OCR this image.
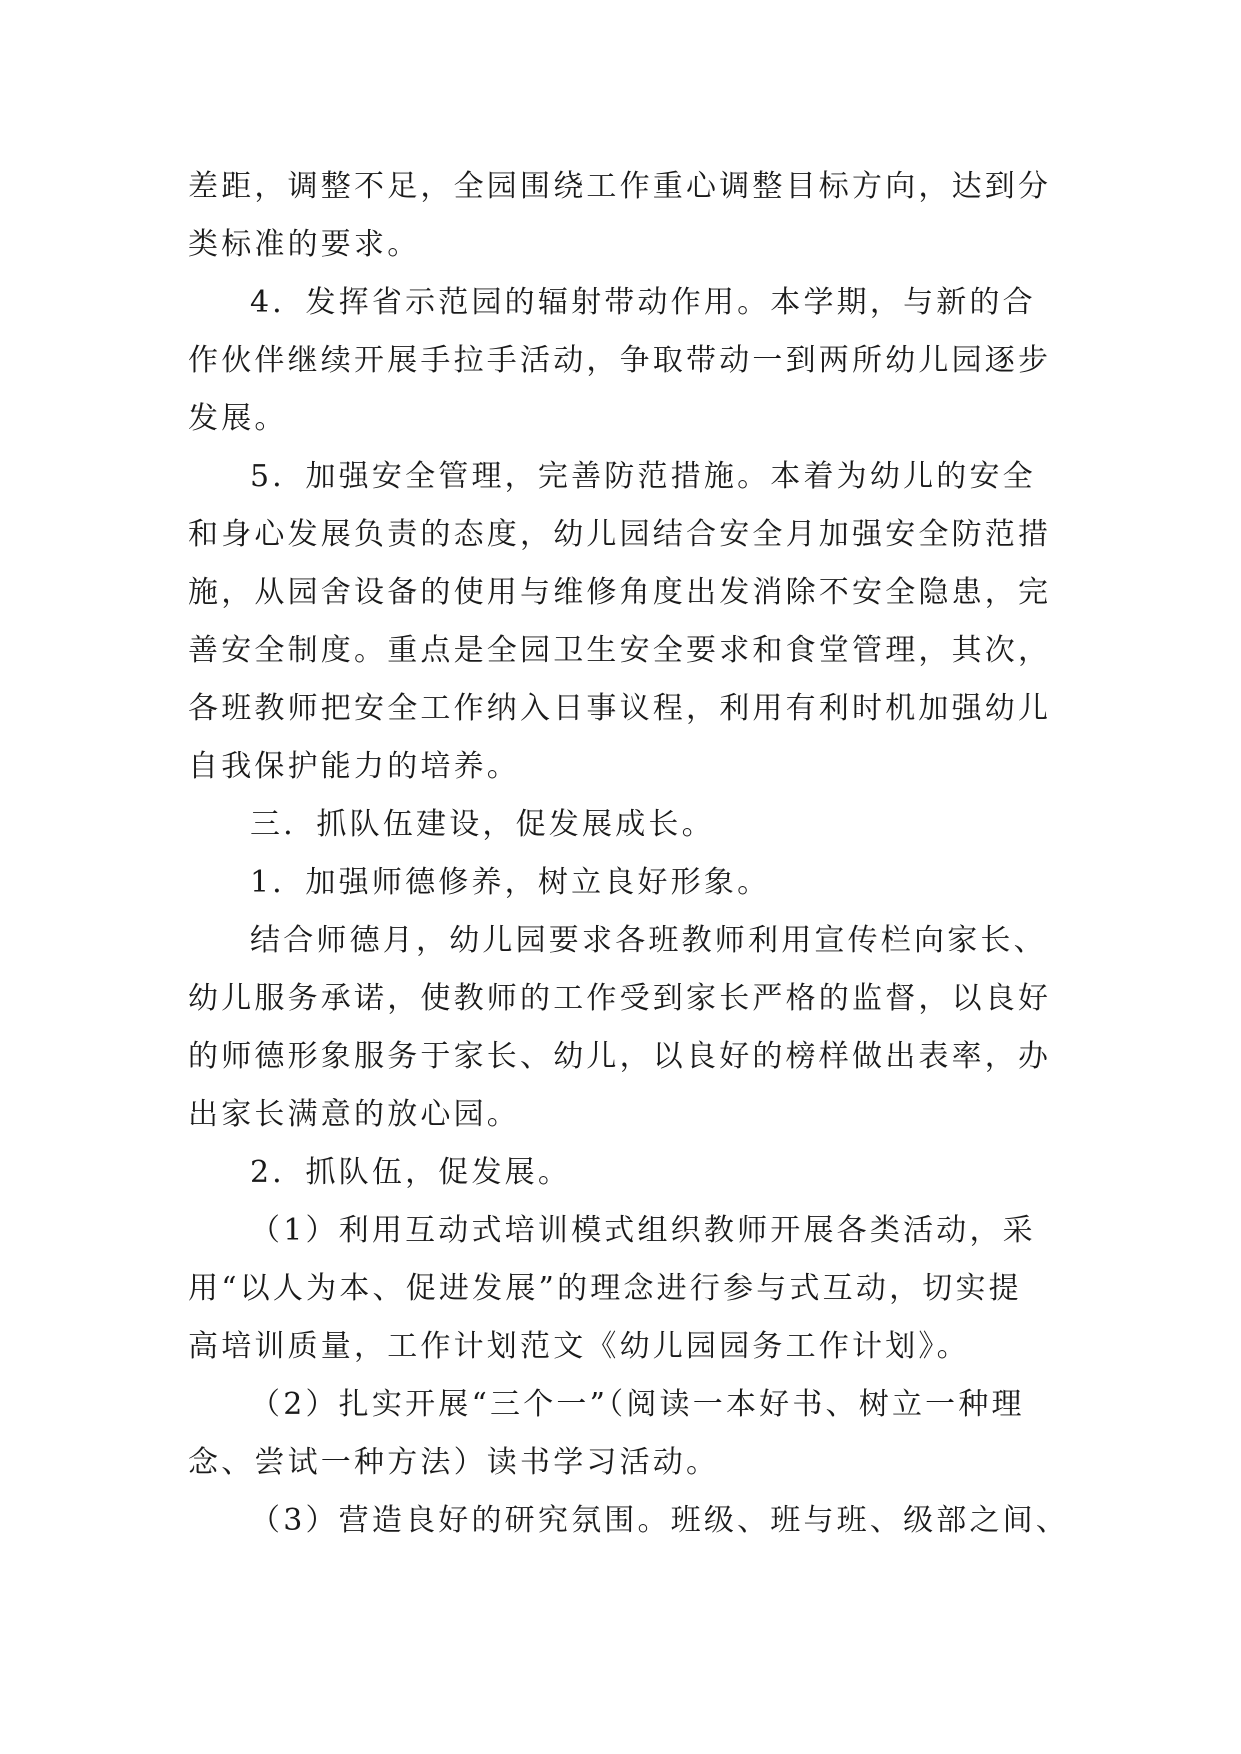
差距，调整不足，全园围绕工作重心调整目标方向，达到分
类标准的要求。
4．发挥省示范园的辐射带动作用。本学期，与新的合
作伙伴继续开展手拉手活动，争取带动一到两所幼儿园逐步
发展。
5．加强安全管理，完善防范措施。本着为幼儿的安全
和身心发展负责的态度，幼儿园结合安全月加强安全防范措
施，从园舍设备的使用与维修角度出发消除不安全隐患，完
善安全制度。重点是全园卫生安全要求和食堂管理，其次，
各班教师把安全工作纳入日事议程，利用有利时机加强幼儿
自我保护能力的培养。
三．抓队伍建设，促发展成长。
1．加强师德修养，树立良好形象。
结合师德月，幼儿园要求各班教师利用宣传栏向家长、
幼儿服务承诺，使教师的工作受到家长严格的监督，以良好
的师德形象服务于家长、幼儿，以良好的榜样做出表率，办
出家长满意的放心园。
2．抓队伍，促发展。
（1）利用互动式培训模式组织教师开展各类活动，采
用“以人为本、促进发展”的理念进行参与式互动，切实提
高培训质量，工作计划范文《幼儿园园务工作计划》。
（2）扎实开展“三个一”（阅读一本好书、树立一种理
念、尝试一种方法）读书学习活动。
（3）营造良好的研究氛围。班级、班与班、级部之间、
